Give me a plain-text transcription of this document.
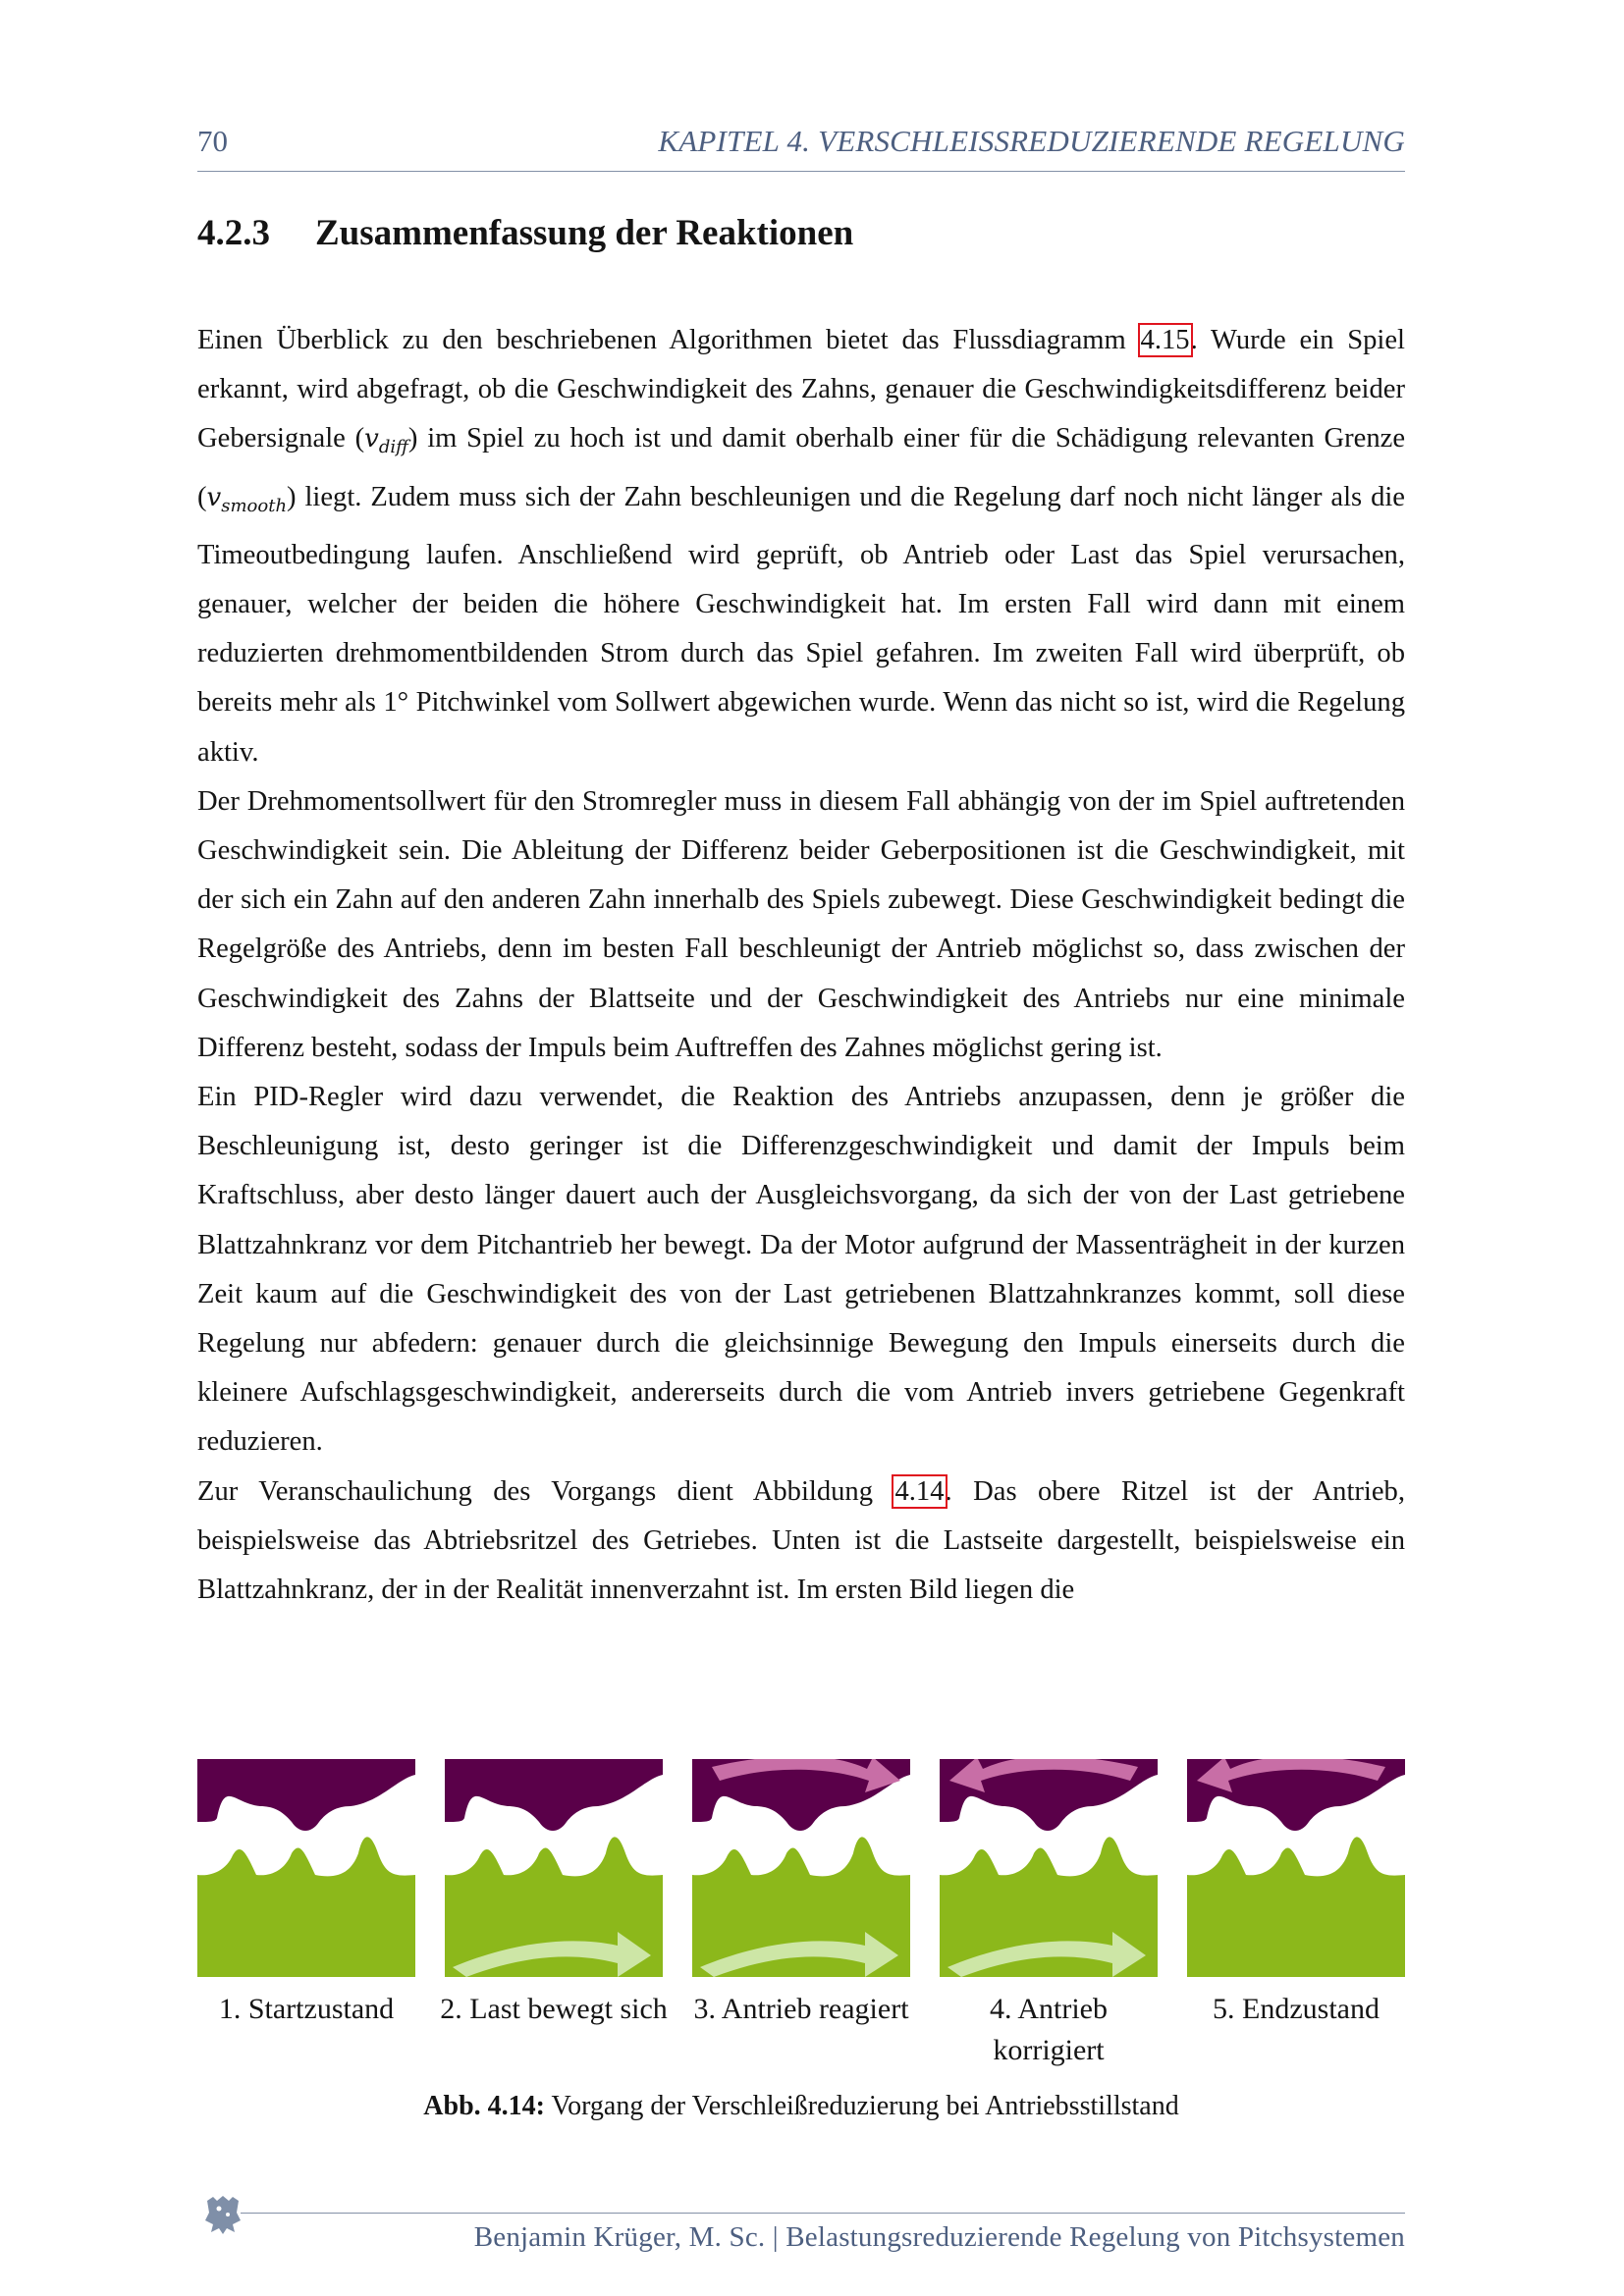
70	KAPITEL 4. VERSCHLEISSREDUZIERENDE REGELUNG
4.2.3 Zusammenfassung der Reaktionen

Einen Überblick zu den beschriebenen Algorithmen bietet das Flussdiagramm 4.15. Wurde ein Spiel erkannt, wird abgefragt, ob die Geschwindigkeit des Zahns, genauer die Geschwindigkeitsdifferenz beider Gebersignale $(v_{diff})$ im Spiel zu hoch ist und damit oberhalb einer für die Schädigung relevanten Grenze $(v_{smooth})$ liegt. Zudem muss sich der Zahn beschleunigen und die Regelung darf noch nicht länger als die Timeoutbedingung laufen. Anschließend wird geprüft, ob Antrieb oder Last das Spiel verursachen, genauer, welcher der beiden die höhere Geschwindigkeit hat. Im ersten Fall wird dann mit einem reduzierten drehmomentbildenden Strom durch das Spiel gefahren. Im zweiten Fall wird überprüft, ob bereits mehr als 1° Pitchwinkel vom Sollwert abgewichen wurde. Wenn das nicht so ist, wird die Regelung aktiv.

Der Drehmomentsollwert für den Stromregler muss in diesem Fall abhängig von der im Spiel auftretenden Geschwindigkeit sein. Die Ableitung der Differenz beider Geberpositionen ist die Geschwindigkeit, mit der sich ein Zahn auf den anderen Zahn innerhalb des Spiels zubewegt. Diese Geschwindigkeit bedingt die Regelgröße des Antriebs, denn im besten Fall beschleunigt der Antrieb möglichst so, dass zwischen der Geschwindigkeit des Zahns der Blattseite und der Geschwindigkeit des Antriebs nur eine minimale Differenz besteht, sodass der Impuls beim Auftreffen des Zahnes möglichst gering ist.

Ein PID-Regler wird dazu verwendet, die Reaktion des Antriebs anzupassen, denn je größer die Beschleunigung ist, desto geringer ist die Differenzgeschwindigkeit und damit der Impuls beim Kraftschluss, aber desto länger dauert auch der Ausgleichsvorgang, da sich der von der Last getriebene Blattzahnkranz vor dem Pitchantrieb her bewegt. Da der Motor aufgrund der Massenträgheit in der kurzen Zeit kaum auf die Geschwindigkeit des von der Last getriebenen Blattzahnkranzes kommt, soll diese Regelung nur abfedern: genauer durch die gleichsinnige Bewegung den Impuls einerseits durch die kleinere Aufschlagsgeschwindigkeit, andererseits durch die vom Antrieb invers getriebene Gegenkraft reduzieren.

Zur Veranschaulichung des Vorgangs dient Abbildung 4.14. Das obere Ritzel ist der Antrieb, beispielsweise das Abtriebsritzel des Getriebes. Unten ist die Lastseite dargestellt, beispielsweise ein Blattzahnkranz, der in der Realität innenverzahnt ist. Im ersten Bild liegen die

1. Startzustand	2. Last bewegt sich 3. Antrieb reagiert	4. Antrieb korrigiert
5. Endzustand
Abb. 4.14: Vorgang der Verschleißreduzierung bei Antriebsstillstand
Benjamin Krüger, M. Sc. | Belastungsreduzierende Regelung von Pitchsystemen
